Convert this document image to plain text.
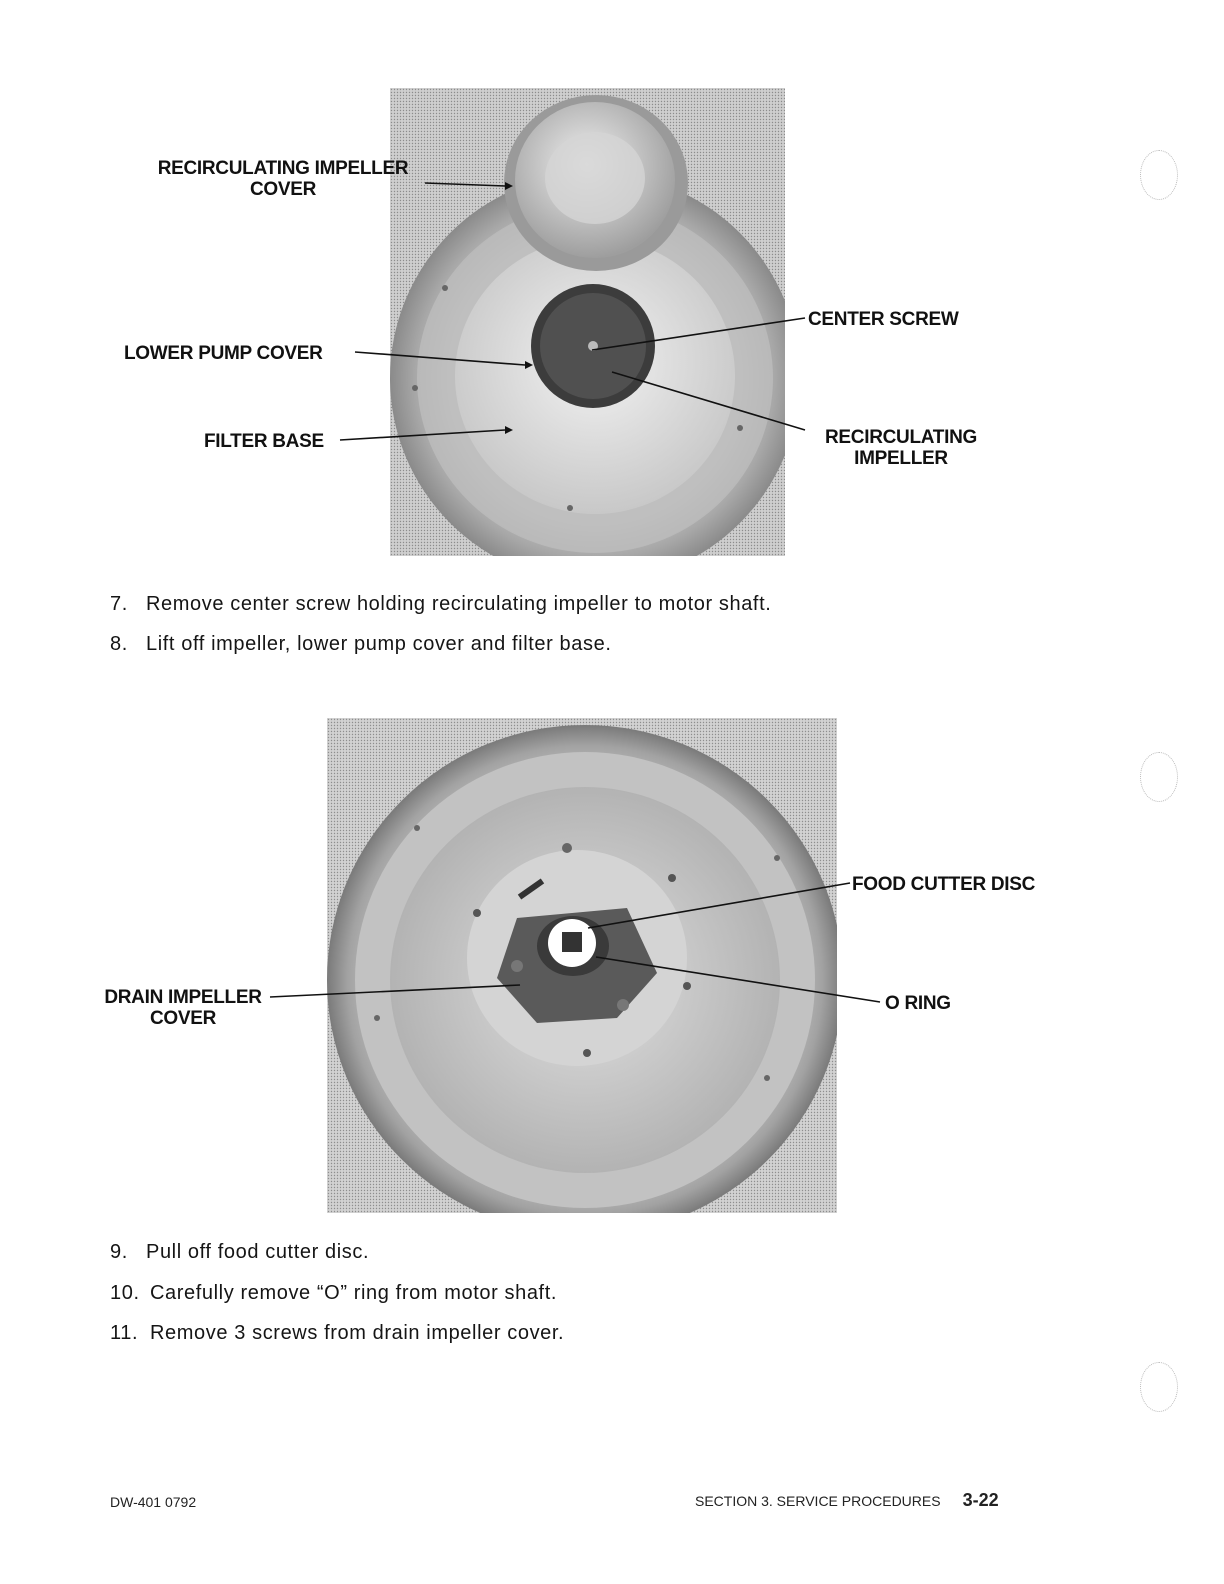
RECIRCULATING IMPELLER
COVER
CENTER SCREW
LOWER PUMP COVER
FILTER BASE	RECIRCULATING
IMPELLER
7. Remove center screw holding recirculating impeller to motor shaft.
8. Lift off impeller, lower pump cover and filter base.
FOOD CUTTER DISC
DRAIN IMPELLER
COVER
O RING
9. Pull off food cutter disc.
10. Carefully remove “O” ring from motor shaft.
11. Remove 3 screws from drain impeller cover.
DW-401 0792	SECTION 3. SERVICE PROCEDURES 3-22
